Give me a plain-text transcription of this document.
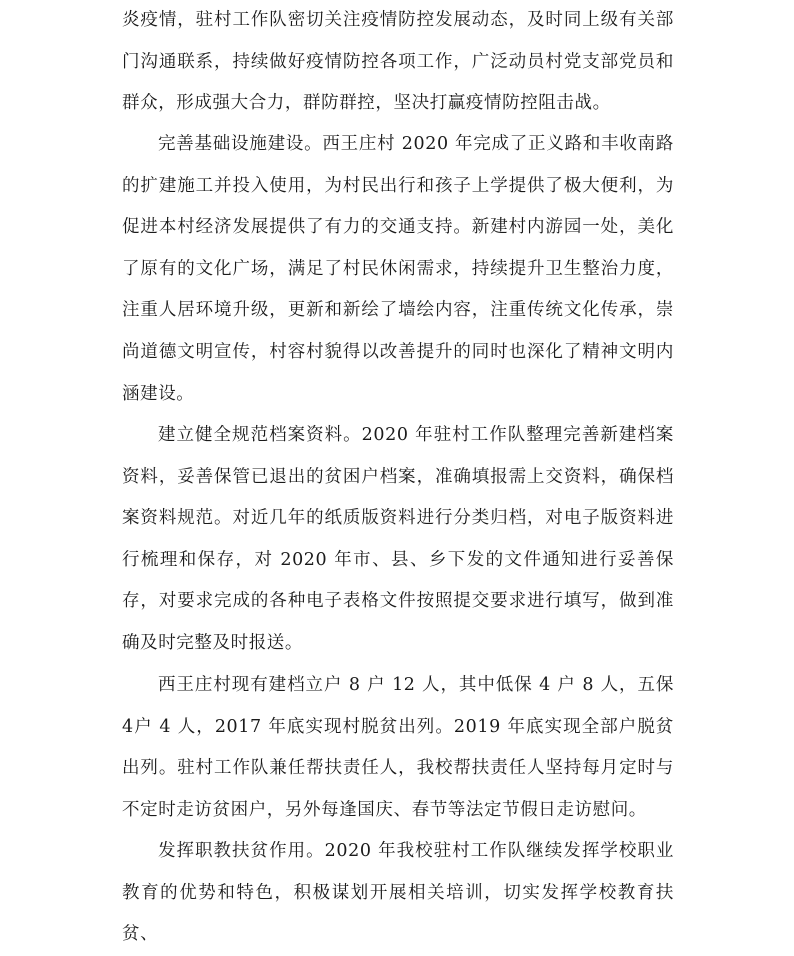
炎疫情，驻村工作队密切关注疫情防控发展动态，及时同上级有关部门沟通联系，持续做好疫情防控各项工作，广泛动员村党支部党员和群众，形成强大合力，群防群控，坚决打赢疫情防控阻击战。

完善基础设施建设。西王庄村 2020 年完成了正义路和丰收南路的扩建施工并投入使用，为村民出行和孩子上学提供了极大便利，为促进本村经济发展提供了有力的交通支持。新建村内游园一处，美化了原有的文化广场，满足了村民休闲需求，持续提升卫生整治力度，注重人居环境升级，更新和新绘了墙绘内容，注重传统文化传承，崇尚道德文明宣传，村容村貌得以改善提升的同时也深化了精神文明内涵建设。

建立健全规范档案资料。2020 年驻村工作队整理完善新建档案资料，妥善保管已退出的贫困户档案，准确填报需上交资料，确保档案资料规范。对近几年的纸质版资料进行分类归档，对电子版资料进行梳理和保存，对 2020 年市、县、乡下发的文件通知进行妥善保存，对要求完成的各种电子表格文件按照提交要求进行填写，做到准确及时完整及时报送。

西王庄村现有建档立户 8 户 12 人，其中低保 4 户 8 人，五保 4户 4 人，2017 年底实现村脱贫出列。2019 年底实现全部户脱贫出列。驻村工作队兼任帮扶责任人，我校帮扶责任人坚持每月定时与不定时走访贫困户，另外每逢国庆、春节等法定节假日走访慰问。

发挥职教扶贫作用。2020 年我校驻村工作队继续发挥学校职业教育的优势和特色，积极谋划开展相关培训，切实发挥学校教育扶贫、
